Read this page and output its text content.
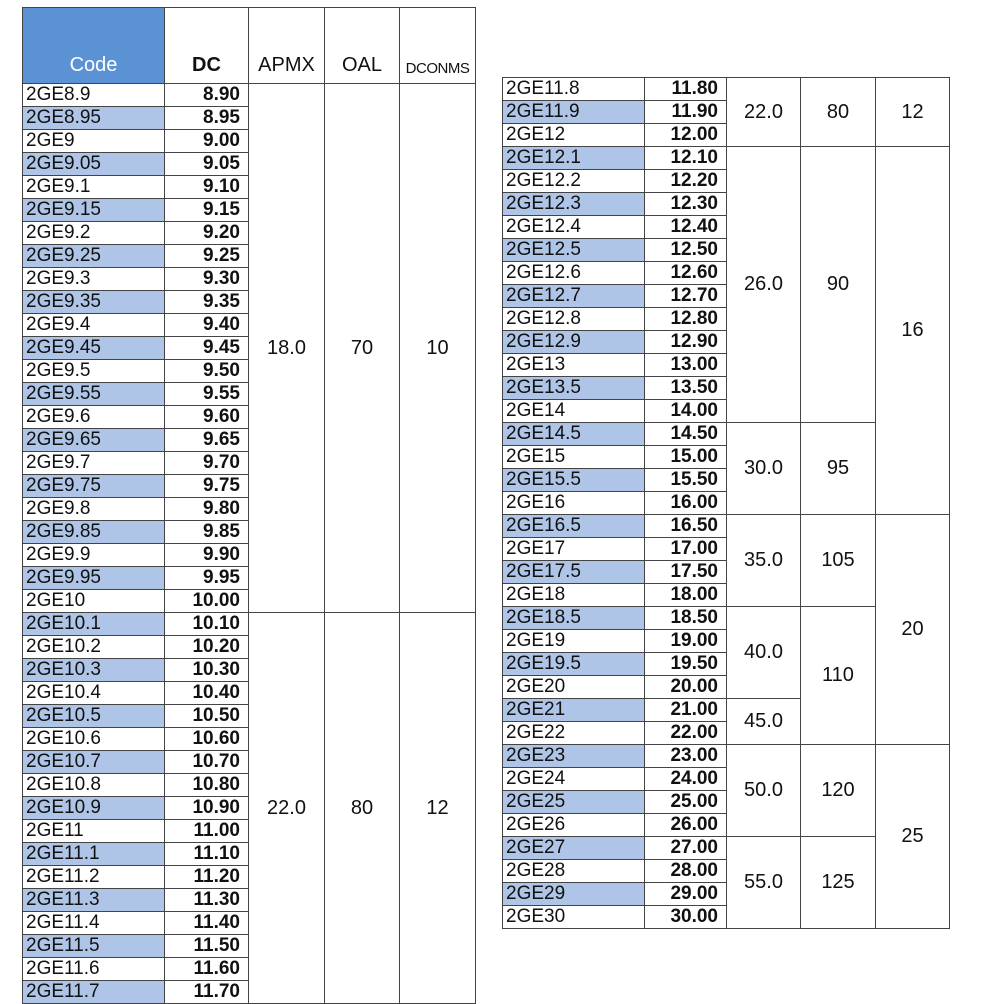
Code	DC	APMX	OAL	DCONMS
2GE8.9	8.90	18.0	70	10
2GE8.95	8.95			
2GE9	9.00			
2GE9.05	9.05			
2GE9.1	9.10			
2GE9.15	9.15			
2GE9.2	9.20			
2GE9.25	9.25			
2GE9.3	9.30			
2GE9.35	9.35			
2GE9.4	9.40			
2GE9.45	9.45			
2GE9.5	9.50			
2GE9.55	9.55			
2GE9.6	9.60			
2GE9.65	9.65			
2GE9.7	9.70			
2GE9.75	9.75			
2GE9.8	9.80			
2GE9.85	9.85			
2GE9.9	9.90			
2GE9.95	9.95			
2GE10	10.00			
2GE10.1	10.10	22.0	80	12
2GE10.2	10.20			
2GE10.3	10.30			
2GE10.4	10.40			
2GE10.5	10.50			
2GE10.6	10.60			
2GE10.7	10.70			
2GE10.8	10.80			
2GE10.9	10.90			
2GE11	11.00			
2GE11.1	11.10			
2GE11.2	11.20			
2GE11.3	11.30			
2GE11.4	11.40			
2GE11.5	11.50			
2GE11.6	11.60			
2GE11.7	11.70			
2GE11.8	11.80	22.0	80	12
2GE11.9	11.90			
2GE12	12.00			
2GE12.1	12.10	26.0	90	16
2GE12.2	12.20			
2GE12.3	12.30			
2GE12.4	12.40			
2GE12.5	12.50			
2GE12.6	12.60			
2GE12.7	12.70			
2GE12.8	12.80			
2GE12.9	12.90			
2GE13	13.00			
2GE13.5	13.50			
2GE14	14.00			
2GE14.5	14.50	30.0	95	
2GE15	15.00			
2GE15.5	15.50			
2GE16	16.00			
2GE16.5	16.50	35.0	105	20
2GE17	17.00			
2GE17.5	17.50			
2GE18	18.00			
2GE18.5	18.50	40.0	110	
2GE19	19.00			
2GE19.5	19.50			
2GE20	20.00			
2GE21	21.00	45.0		
2GE22	22.00			
2GE23	23.00	50.0	120	25
2GE24	24.00			
2GE25	25.00			
2GE26	26.00			
2GE27	27.00	55.0	125	
2GE28	28.00			
2GE29	29.00			
2GE30	30.00			
